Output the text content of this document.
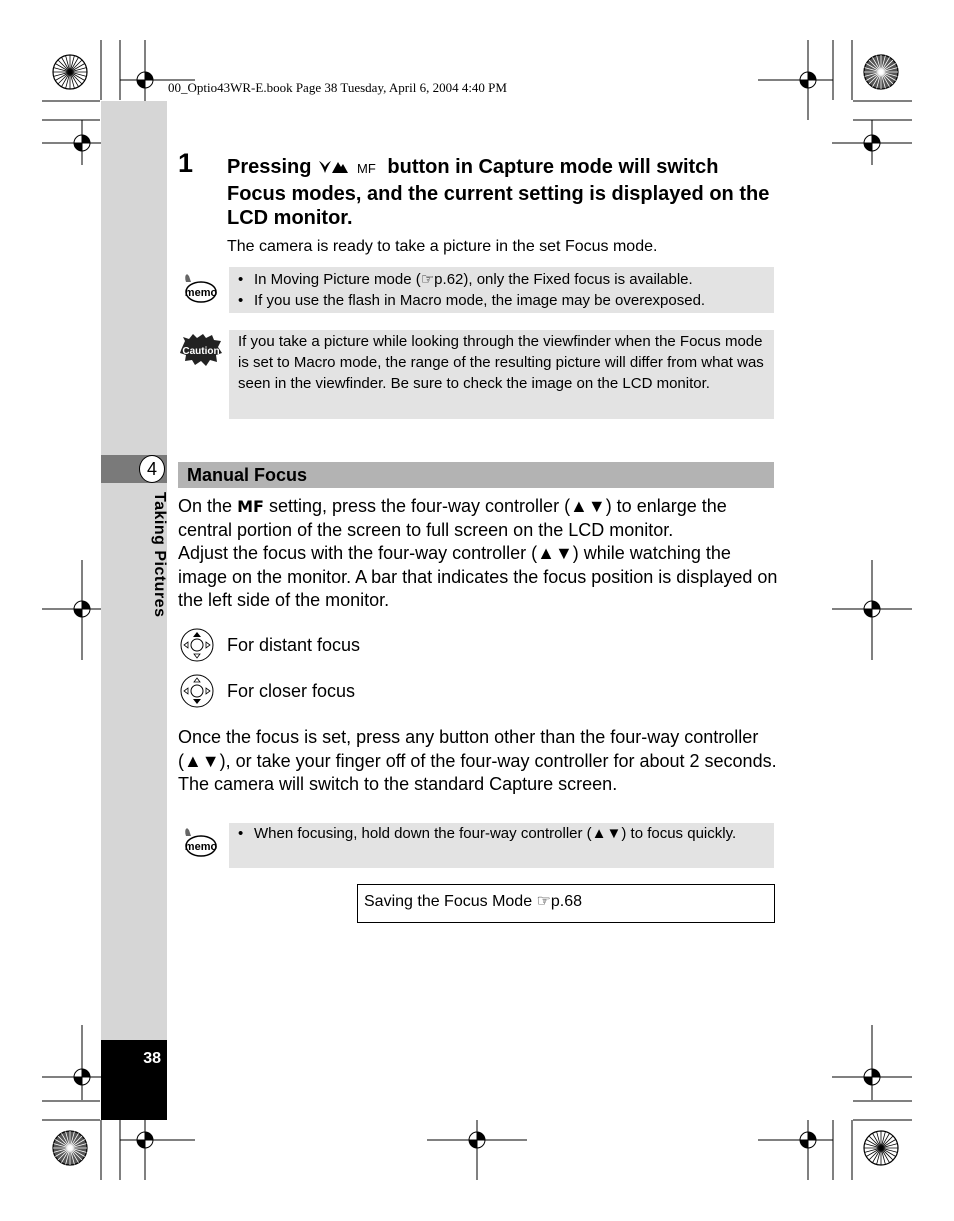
4
Taking Pictures
38
00_Optio43WR-E.book Page 38 Tuesday, April 6, 2004 4:40 PM
1 Pressing	MF button in Capture mode will switch Focus modes, and the current setting is displayed on the LCD monitor.
The camera is ready to take a picture in the set Focus mode.
memo
• In Moving Picture mode (☞p.62), only the Fixed focus is available.
• If you use the flash in Macro mode, the image may be overexposed.
Caution
If you take a picture while looking through the viewfinder when the Focus mode is set to Macro mode, the range of the resulting picture will differ from what was seen in the viewfinder. Be sure to check the image on the LCD monitor.
Manual Focus
On the MF setting, press the four-way controller (▲▼) to enlarge the central portion of the screen to full screen on the LCD monitor.
Adjust the focus with the four-way controller (▲▼) while watching the image on the monitor. A bar that indicates the focus position is displayed on the left side of the monitor.
For distant focus
For closer focus
Once the focus is set, press any button other than the four-way controller (▲▼), or take your finger off of the four-way controller for about 2 seconds. The camera will switch to the standard Capture screen.
memo
• When focusing, hold down the four-way controller (▲▼) to focus quickly.
Saving the Focus Mode ☞p.68
